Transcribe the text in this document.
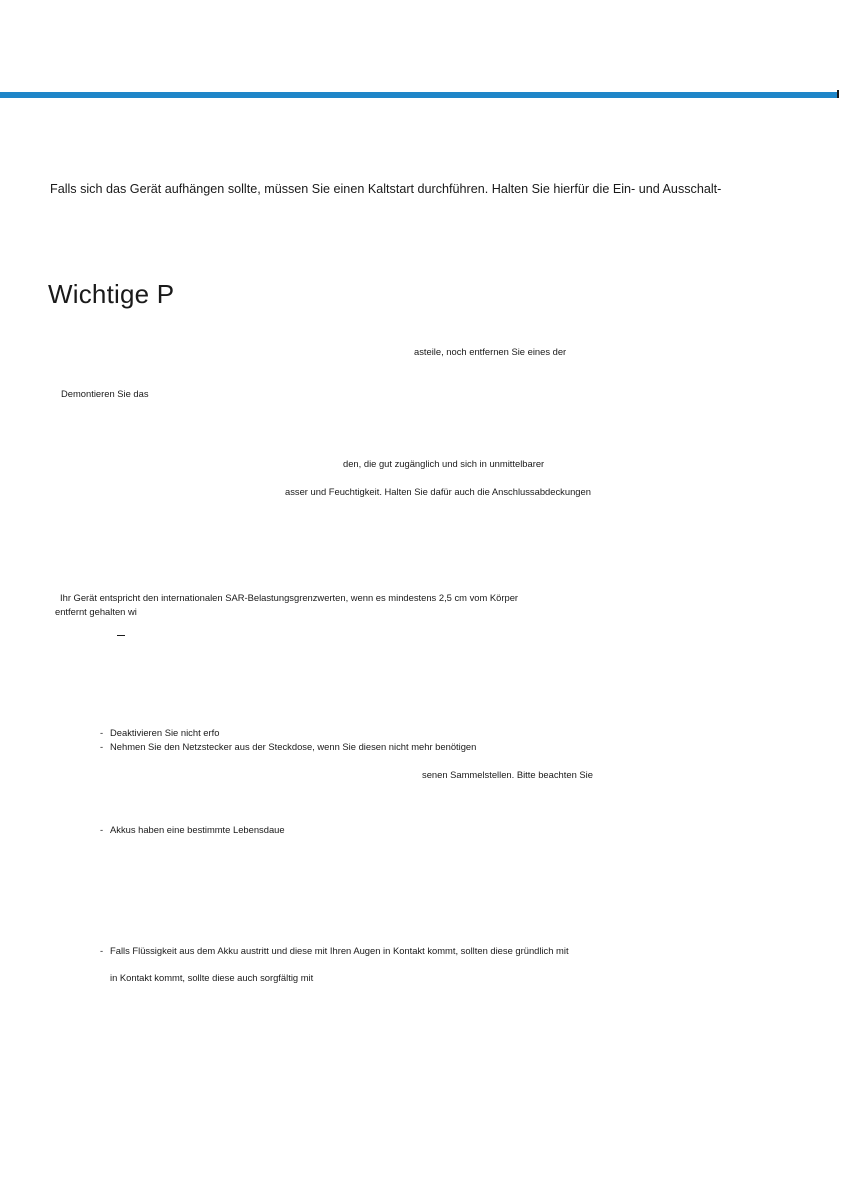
Falls sich das Gerät aufhängen sollte, müssen Sie einen Kaltstart durchführen. Halten Sie hierfür die Ein- und Ausschalt-
Wichtige P
asteile, noch entfernen Sie eines der
Demontieren Sie das
den, die gut zugänglich und sich in unmittelbarer
asser und Feuchtigkeit. Halten Sie dafür auch die Anschlussabdeckungen
Ihr Gerät entspricht den internationalen SAR-Belastungsgrenzwerten, wenn es mindestens 2,5 cm vom Körper
entfernt gehalten wi
- Deaktivieren Sie nicht erfo
- Nehmen Sie den Netzstecker aus der Steckdose, wenn Sie diesen nicht mehr benötigen
senen Sammelstellen. Bitte beachten Sie
- Akkus haben eine bestimmte Lebensdaue
- Falls Flüssigkeit aus dem Akku austritt und diese mit Ihren Augen in Kontakt kommt, sollten diese gründlich mit
in Kontakt kommt, sollte diese auch sorgfältig mit
